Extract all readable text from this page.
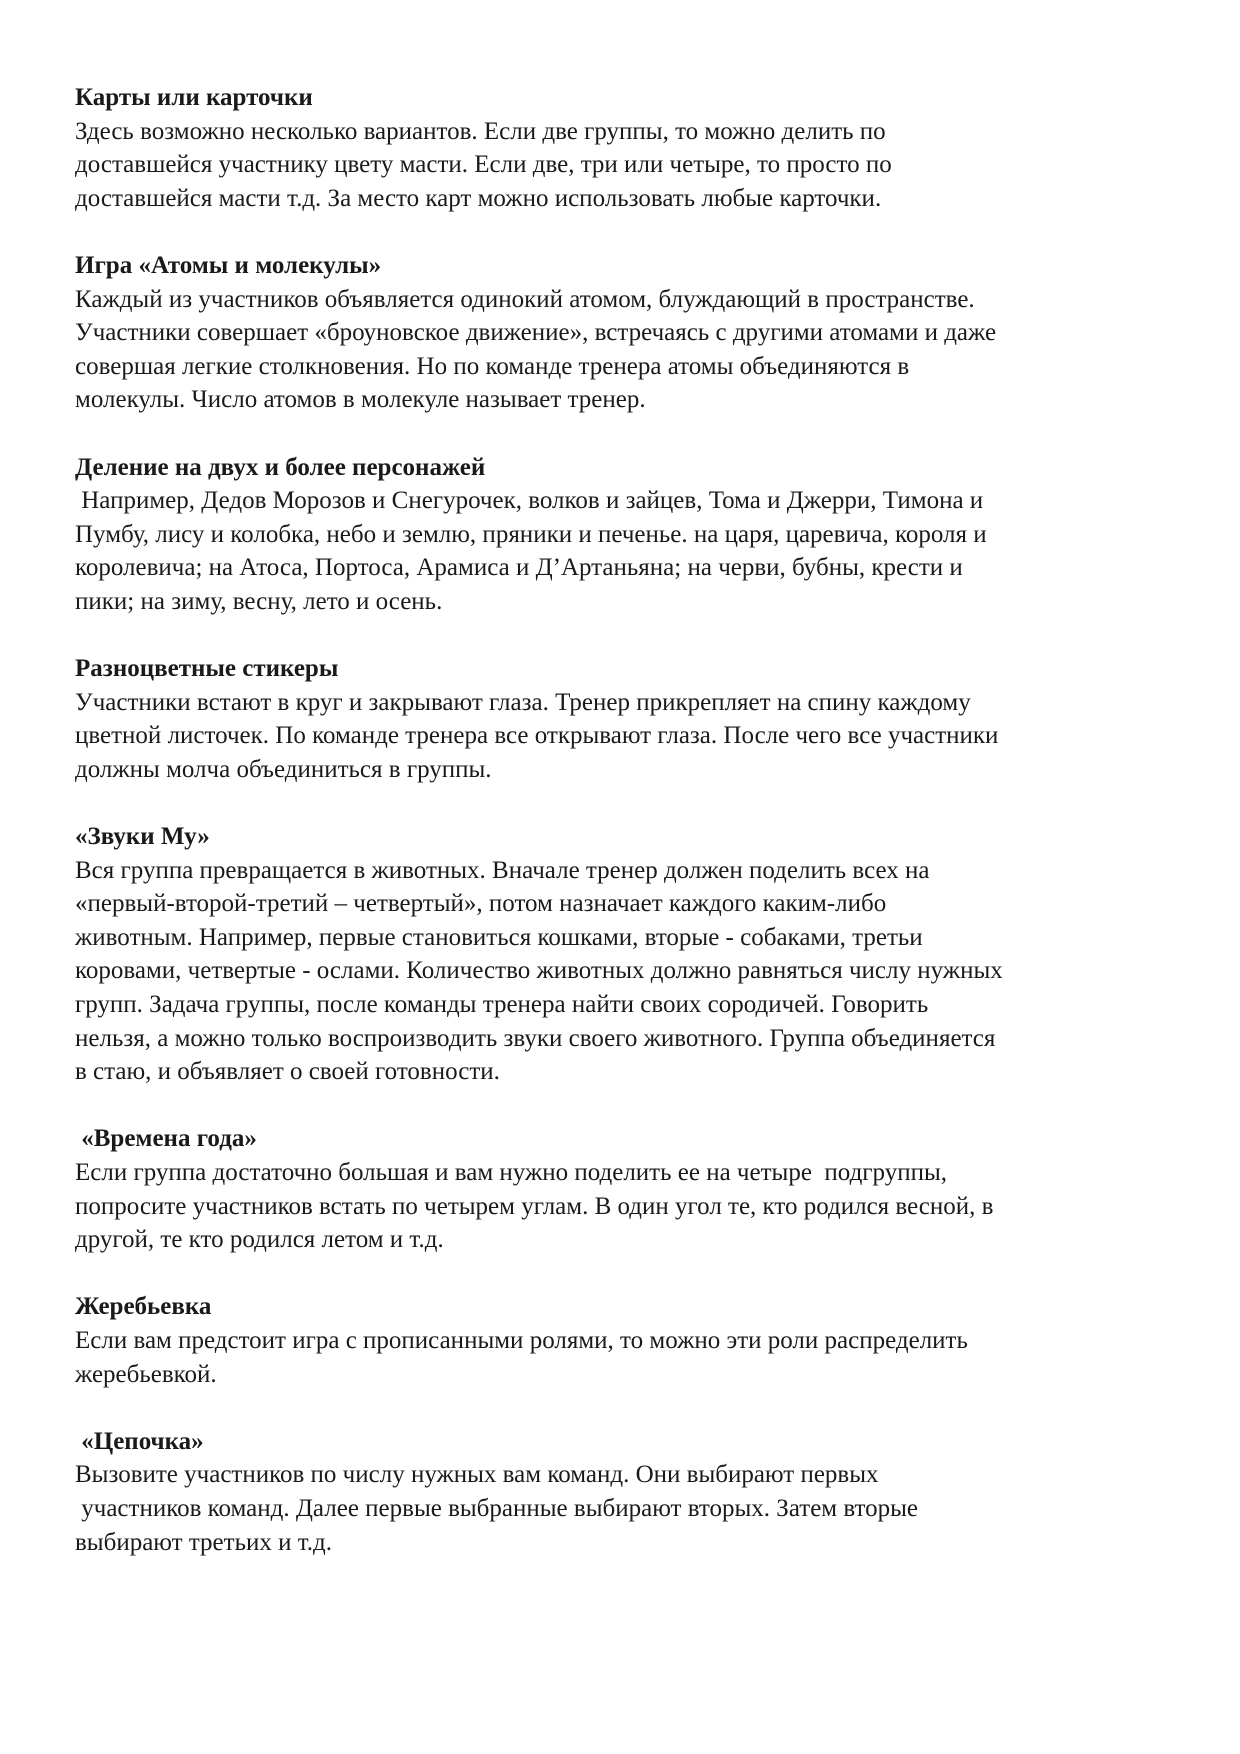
Карты или карточки
Здесь возможно несколько вариантов. Если две группы, то можно делить по
доставшейся участнику цвету масти. Если две, три или четыре, то просто по
доставшейся масти т.д. За место карт можно использовать любые карточки.
Игра «Атомы и молекулы»
Каждый из участников объявляется одинокий атомом, блуждающий в пространстве.
Участники совершает «броуновское движение», встречаясь с другими атомами и даже
совершая легкие столкновения. Но по команде тренера атомы объединяются в
молекулы. Число атомов в молекуле называет тренер.
Деление на двух и более персонажей
Например, Дедов Морозов и Снегурочек, волков и зайцев, Тома и Джерри, Тимона и
Пумбу, лису и колобка, небо и землю, пряники и печенье. на царя, царевича, короля и
королевича; на Атоса, Портоса, Арамиса и Д’Артаньяна; на черви, бубны, крести и
пики; на зиму, весну, лето и осень.
Разноцветные стикеры
Участники встают в круг и закрывают глаза. Тренер прикрепляет на спину каждому
цветной листочек. По команде тренера все открывают глаза. После чего все участники
должны молча объединиться в группы.
«Звуки Му»
Вся группа превращается в животных. Вначале тренер должен поделить всех на
«первый-второй-третий – четвертый», потом назначает каждого каким-либо
животным. Например, первые становиться кошками, вторые - собаками, третьи
коровами, четвертые - ослами. Количество животных должно равняться числу нужных
групп. Задача группы, после команды тренера найти своих сородичей. Говорить
нельзя, а можно только воспроизводить звуки своего животного. Группа объединяется
в стаю, и объявляет о своей готовности.
«Времена года»
Если группа достаточно большая и вам нужно поделить ее на четыре  подгруппы,
попросите участников встать по четырем углам. В один угол те, кто родился весной, в
другой, те кто родился летом и т.д.
Жеребьевка
Если вам предстоит игра с прописанными ролями, то можно эти роли распределить
жеребьевкой.
«Цепочка»
Вызовите участников по числу нужных вам команд. Они выбирают первых
участников команд. Далее первые выбранные выбирают вторых. Затем вторые
выбирают третьих и т.д.
